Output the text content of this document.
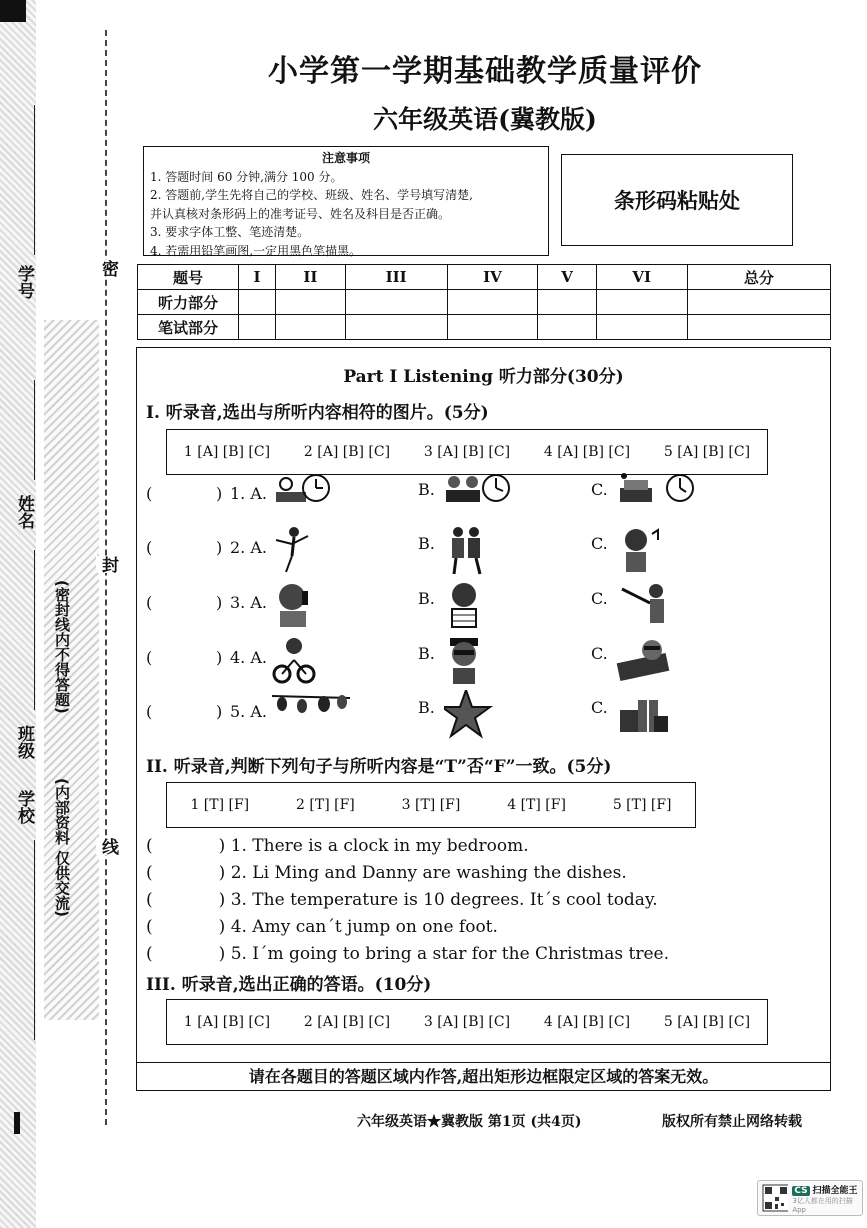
学号
姓名
班级
学校
(密封线内不得答题)
(内部资料 仅供交流)
密
封
线
小学第一学期基础教学质量评价
六年级英语(冀教版)
注意事项
1. 答题时间 60 分钟,满分 100 分。
2. 答题前,学生先将自己的学校、班级、姓名、学号填写清楚,
并认真核对条形码上的准考证号、姓名及科目是否正确。
3. 要求字体工整、笔迹清楚。
4. 若需用铅笔画图,一定用黑色笔描黑。
条形码粘贴处
题号	I	II	III	IV	V	VI	总分
听力部分							
笔试部分							
Part I Listening 听力部分(30分)
I. 听录音,选出与所听内容相符的图片。(5分)
1 [A] [B] [C] 2 [A] [B] [C] 3 [A] [B] [C] 4 [A] [B] [C] 5 [A] [B] [C]
(	) 1. A.	B.	C.
(	) 2. A.	B.	C.
(	) 3. A.	B.	C.
(	) 4. A.	B.	C.
(	) 5. A.	B.	C.
II. 听录音,判断下列句子与所听内容是“T”否“F”一致。(5分)
1 [T] [F]	2 [T] [F]	3 [T] [F]	4 [T] [F]	5 [T] [F]
(	) 1. There is a clock in my bedroom.
(	) 2. Li Ming and Danny are washing the dishes.
(	) 3. The temperature is 10 degrees. It´s cool today.
(	) 4. Amy can´t jump on one foot.
(	) 5. I´m going to bring a star for the Christmas tree.
III. 听录音,选出正确的答语。(10分)
1 [A] [B] [C] 2 [A] [B] [C] 3 [A] [B] [C] 4 [A] [B] [C] 5 [A] [B] [C]
请在各题目的答题区域内作答,超出矩形边框限定区域的答案无效。
六年级英语★冀教版 第1页 (共4页)	版权所有禁止网络转载
CS 扫描全能王
3亿人都在用的扫描App
